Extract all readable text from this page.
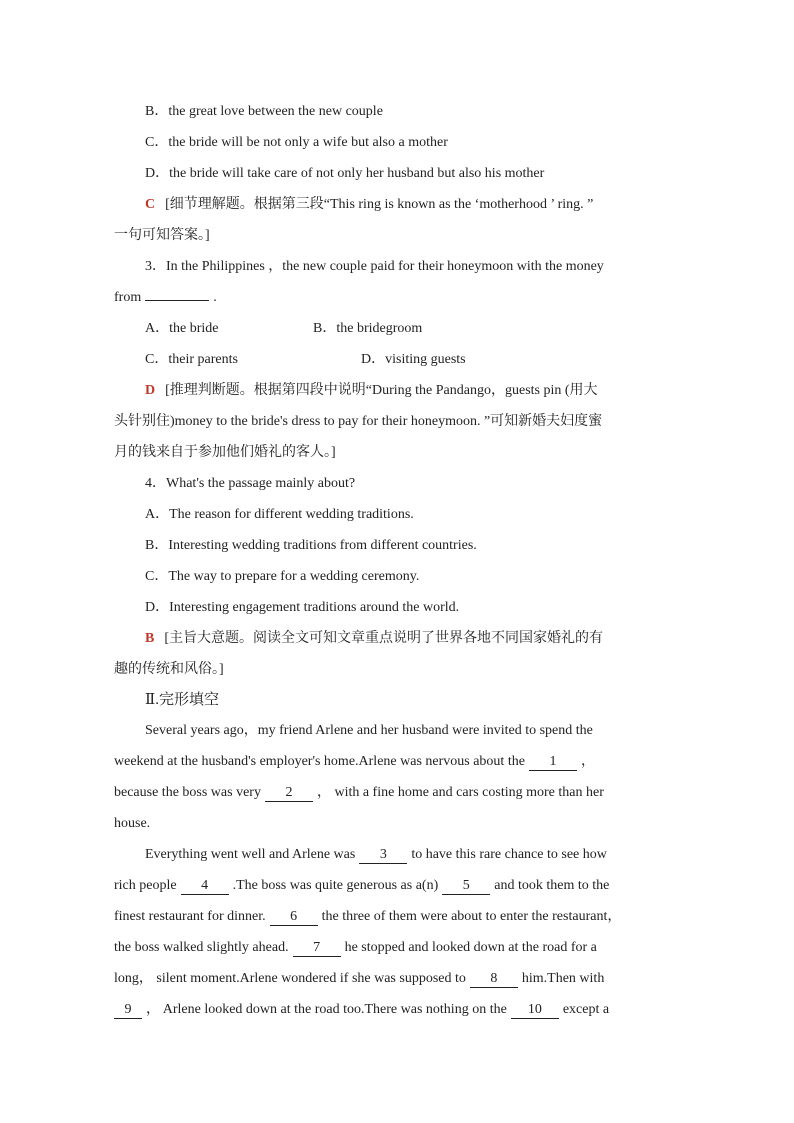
B．the great love between the new couple
C．the bride will be not only a wife but also a mother
D．the bride will take care of not only her husband but also his mother
C [细节理解题。根据第三段“This ring is known as the ‘motherhood ’ ring. ”
一句可知答案。]
3．In the Philippines ，the new couple paid for their honeymoon with the money
from	.
A．the bride	B．the bridegroom
C．their parents	D．visiting guests
D [推理判断题。根据第四段中说明“During the Pandango，guests pin (用大
头针别住)money to the bride's dress to pay for their honeymoon. ”可知新婚夫妇度蜜
月的钱来自于参加他们婚礼的客人。]
4．What's the passage mainly about?
A．The reason for different wedding traditions.
B．Interesting wedding traditions from different countries.
C．The way to prepare for a wedding ceremony.
D．Interesting engagement traditions around the world.
B [主旨大意题。阅读全文可知文章重点说明了世界各地不同国家婚礼的有
趣的传统和风俗。]
Ⅱ.完形填空
Several years ago，my friend Arlene and her husband were invited to spend the
weekend at the husband's employer's home.Arlene was nervous about the 1 ，
because the boss was very 2 ， with a fine home and cars costing more than her
house.
Everything went well and Arlene was 3 to have this rare chance to see how
rich people 4 .The boss was quite generous as a(n) 5 and took them to the
finest restaurant for dinner. 6 the three of them were about to enter the restaurant，
the boss walked slightly ahead. 7 he stopped and looked down at the road for a
long， silent moment.Arlene wondered if she was supposed to 8 him.Then with
9 ， Arlene looked down at the road too.There was nothing on the 10 except a
